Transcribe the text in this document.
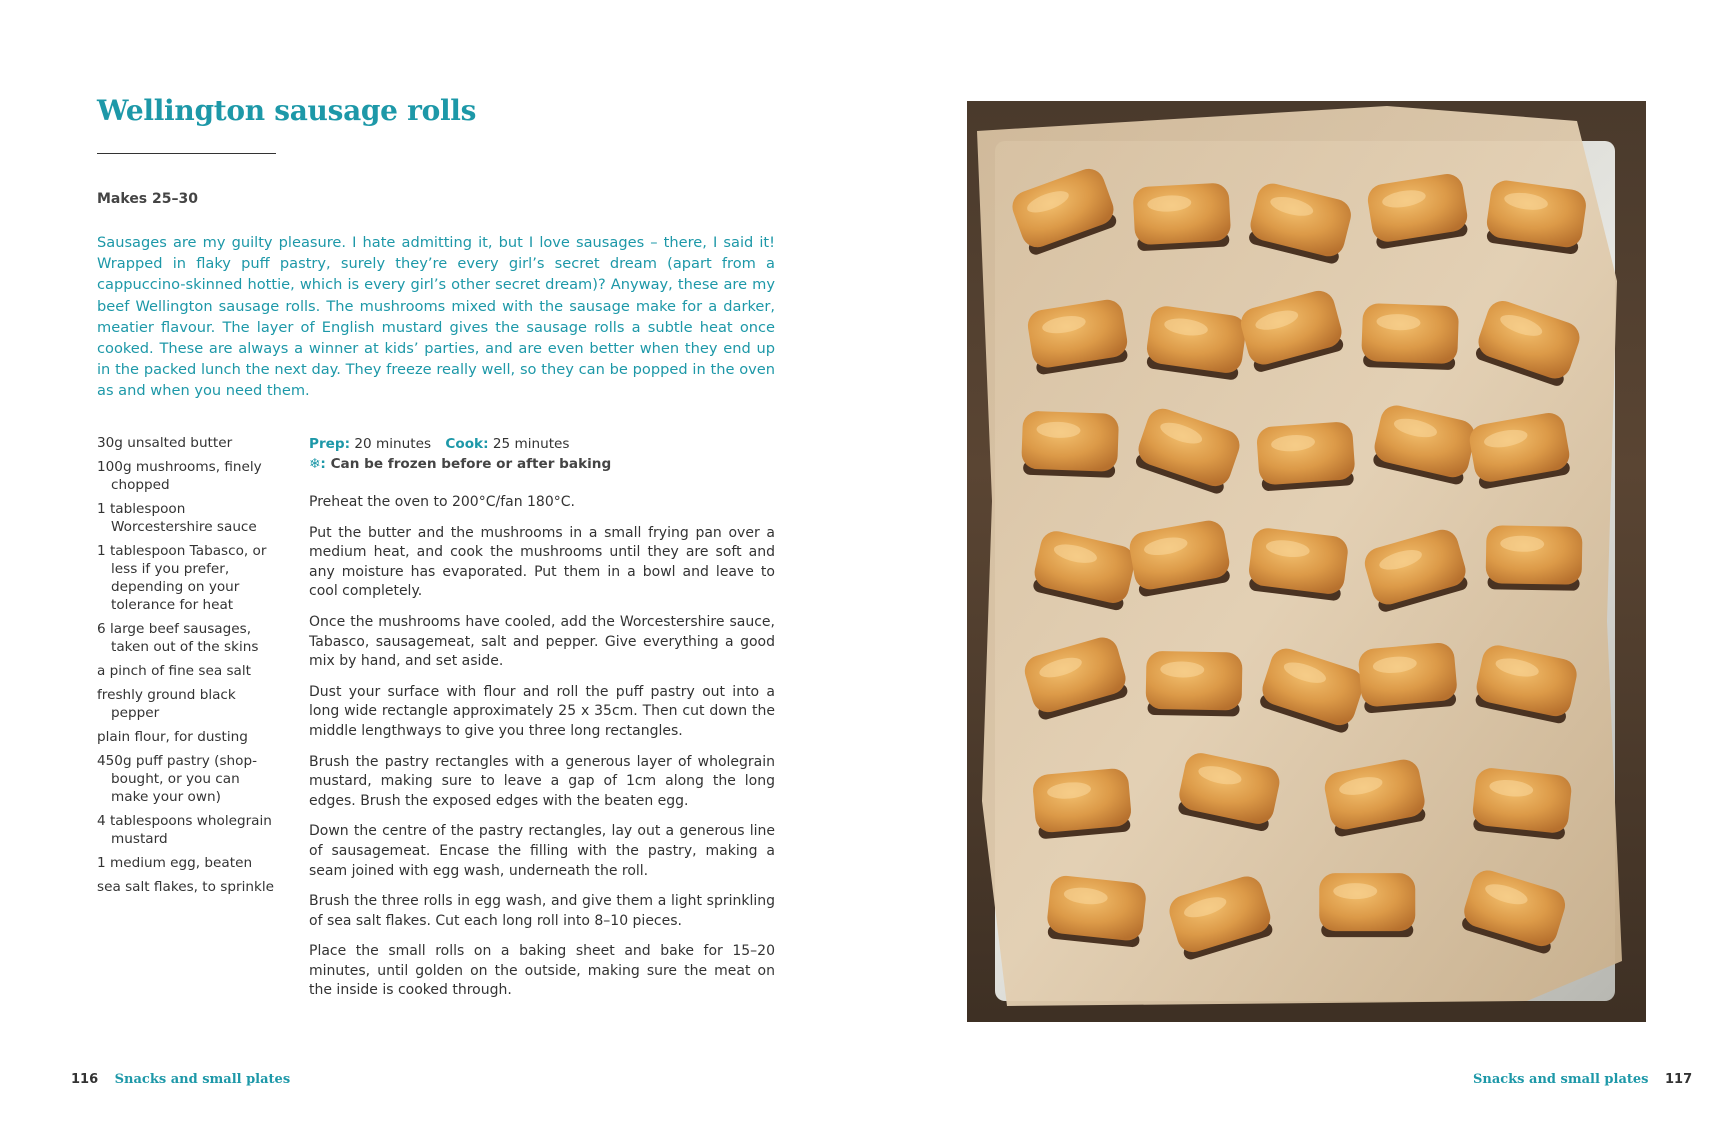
Wellington sausage rolls
Makes 25–30

Sausages are my guilty pleasure. I hate admitting it, but I love sausages – there, I said it! Wrapped in flaky puff pastry, surely they’re every girl’s secret dream (apart from a cappuccino-skinned hottie, which is every girl’s other secret dream)? Anyway, these are my beef Wellington sausage rolls. The mushrooms mixed with the sausage make for a darker, meatier flavour. The layer of English mustard gives the sausage rolls a subtle heat once cooked. These are always a winner at kids’ parties, and are even better when they end up in the packed lunch the next day. They freeze really well, so they can be popped in the oven as and when you need them.

30g unsalted butter
100g mushrooms, finely chopped
1 tablespoon Worcestershire sauce
1 tablespoon Tabasco, or less if you prefer, depending on your tolerance for heat
6 large beef sausages, taken out of the skins
a pinch of fine sea salt
freshly ground black pepper
plain flour, for dusting
450g puff pastry (shop-bought, or you can make your own)
4 tablespoons wholegrain mustard
1 medium egg, beaten
sea salt flakes, to sprinkle

Prep: 20 minutes Cook: 25 minutes

❄: Can be frozen before or after baking

Preheat the oven to 200°C/fan 180°C.

Put the butter and the mushrooms in a small frying pan over a medium heat, and cook the mushrooms until they are soft and any moisture has evaporated. Put them in a bowl and leave to cool completely.

Once the mushrooms have cooled, add the Worcestershire sauce, Tabasco, sausagemeat, salt and pepper. Give everything a good mix by hand, and set aside.

Dust your surface with flour and roll the puff pastry out into a long wide rectangle approximately 25 x 35cm. Then cut down the middle lengthways to give you three long rectangles.

Brush the pastry rectangles with a generous layer of wholegrain mustard, making sure to leave a gap of 1cm along the long edges. Brush the exposed edges with the beaten egg.

Down the centre of the pastry rectangles, lay out a generous line of sausagemeat. Encase the filling with the pastry, making a seam joined with egg wash, underneath the roll.

Brush the three rolls in egg wash, and give them a light sprinkling of sea salt flakes. Cut each long roll into 8–10 pieces.

Place the small rolls on a baking sheet and bake for 15–20 minutes, until golden on the outside, making sure the meat on the inside is cooked through.

116 Snacks and small plates	Snacks and small plates 117
